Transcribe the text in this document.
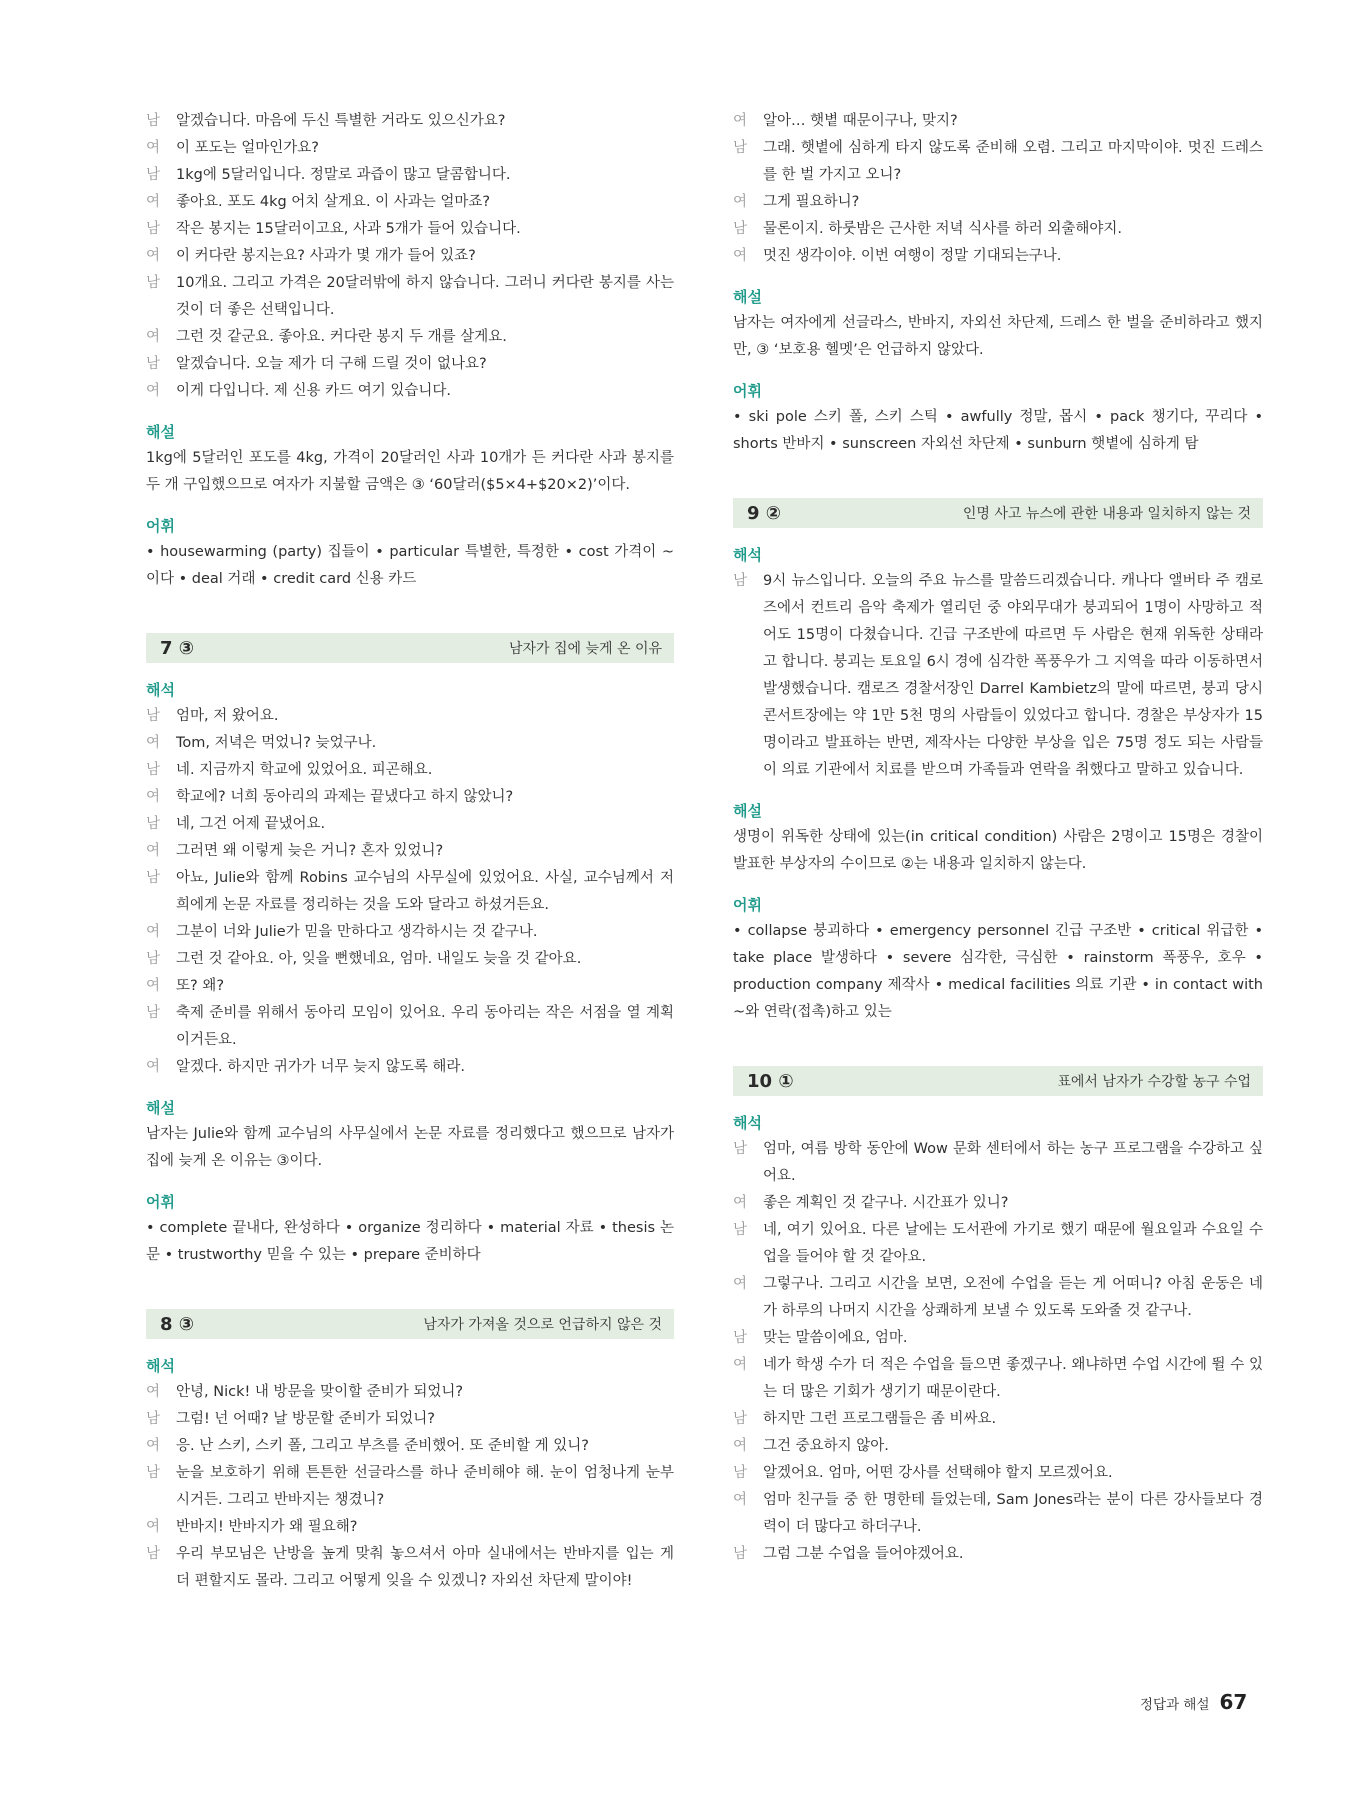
남	알겠습니다. 마음에 두신 특별한 거라도 있으신가요?
여	이 포도는 얼마인가요?
남	1kg에 5달러입니다. 정말로 과즙이 많고 달콤합니다.
여	좋아요. 포도 4kg 어치 살게요. 이 사과는 얼마죠?
남	작은 봉지는 15달러이고요, 사과 5개가 들어 있습니다.
여	이 커다란 봉지는요? 사과가 몇 개가 들어 있죠?
남	10개요. 그리고 가격은 20달러밖에 하지 않습니다. 그러니 커다란 봉지를 사는 것이 더 좋은 선택입니다.
여	그런 것 같군요. 좋아요. 커다란 봉지 두 개를 살게요.
남	알겠습니다. 오늘 제가 더 구해 드릴 것이 없나요?
여	이게 다입니다. 제 신용 카드 여기 있습니다.
해설
1kg에 5달러인 포도를 4kg, 가격이 20달러인 사과 10개가 든 커다란 사과 봉지를 두 개 구입했으므로 여자가 지불할 금액은 ③ ‘60달러($5×4+$20×2)’이다.
어휘
• housewarming (party) 집들이 • particular 특별한, 특정한 • cost 가격이 ~이다 • deal 거래 • credit card 신용 카드
7 ③	남자가 집에 늦게 온 이유
해석
남	엄마, 저 왔어요.
여	Tom, 저녁은 먹었니? 늦었구나.
남	네. 지금까지 학교에 있었어요. 피곤해요.
여	학교에? 너희 동아리의 과제는 끝냈다고 하지 않았니?
남	네, 그건 어제 끝냈어요.
여	그러면 왜 이렇게 늦은 거니? 혼자 있었니?
남	아뇨, Julie와 함께 Robins 교수님의 사무실에 있었어요. 사실, 교수님께서 저희에게 논문 자료를 정리하는 것을 도와 달라고 하셨거든요.
여	그분이 너와 Julie가 믿을 만하다고 생각하시는 것 같구나.
남	그런 것 같아요. 아, 잊을 뻔했네요, 엄마. 내일도 늦을 것 같아요.
여	또? 왜?
남	축제 준비를 위해서 동아리 모임이 있어요. 우리 동아리는 작은 서점을 열 계획이거든요.
여	알겠다. 하지만 귀가가 너무 늦지 않도록 해라.
해설
남자는 Julie와 함께 교수님의 사무실에서 논문 자료를 정리했다고 했으므로 남자가 집에 늦게 온 이유는 ③이다.
어휘
• complete 끝내다, 완성하다 • organize 정리하다 • material 자료 • thesis 논문 • trustworthy 믿을 수 있는 • prepare 준비하다
8 ③	남자가 가져올 것으로 언급하지 않은 것
해석
여	안녕, Nick! 내 방문을 맞이할 준비가 되었니?
남	그럼! 넌 어때? 날 방문할 준비가 되었니?
여	응. 난 스키, 스키 폴, 그리고 부츠를 준비했어. 또 준비할 게 있니?
남	눈을 보호하기 위해 튼튼한 선글라스를 하나 준비해야 해. 눈이 엄청나게 눈부시거든. 그리고 반바지는 챙겼니?
여	반바지! 반바지가 왜 필요해?
남	우리 부모님은 난방을 높게 맞춰 놓으셔서 아마 실내에서는 반바지를 입는 게 더 편할지도 몰라. 그리고 어떻게 잊을 수 있겠니? 자외선 차단제 말이야!
여	알아… 햇볕 때문이구나, 맞지?
남	그래. 햇볕에 심하게 타지 않도록 준비해 오렴. 그리고 마지막이야. 멋진 드레스를 한 벌 가지고 오니?
여	그게 필요하니?
남	물론이지. 하룻밤은 근사한 저녁 식사를 하러 외출해야지.
여	멋진 생각이야. 이번 여행이 정말 기대되는구나.
해설
남자는 여자에게 선글라스, 반바지, 자외선 차단제, 드레스 한 벌을 준비하라고 했지만, ③ ‘보호용 헬멧’은 언급하지 않았다.
어휘
• ski pole 스키 폴, 스키 스틱 • awfully 정말, 몹시 • pack 챙기다, 꾸리다 • shorts 반바지 • sunscreen 자외선 차단제 • sunburn 햇볕에 심하게 탐
9 ②	인명 사고 뉴스에 관한 내용과 일치하지 않는 것
해석
남	9시 뉴스입니다. 오늘의 주요 뉴스를 말씀드리겠습니다. 캐나다 앨버타 주 캠로즈에서 컨트리 음악 축제가 열리던 중 야외무대가 붕괴되어 1명이 사망하고 적어도 15명이 다쳤습니다. 긴급 구조반에 따르면 두 사람은 현재 위독한 상태라고 합니다. 붕괴는 토요일 6시 경에 심각한 폭풍우가 그 지역을 따라 이동하면서 발생했습니다. 캠로즈 경찰서장인 Darrel Kambietz의 말에 따르면, 붕괴 당시 콘서트장에는 약 1만 5천 명의 사람들이 있었다고 합니다. 경찰은 부상자가 15명이라고 발표하는 반면, 제작사는 다양한 부상을 입은 75명 정도 되는 사람들이 의료 기관에서 치료를 받으며 가족들과 연락을 취했다고 말하고 있습니다.
해설
생명이 위독한 상태에 있는(in critical condition) 사람은 2명이고 15명은 경찰이 발표한 부상자의 수이므로 ②는 내용과 일치하지 않는다.
어휘
• collapse 붕괴하다 • emergency personnel 긴급 구조반 • critical 위급한 • take place 발생하다 • severe 심각한, 극심한 • rainstorm 폭풍우, 호우 • production company 제작사 • medical facilities 의료 기관 • in contact with ~와 연락(접촉)하고 있는
10 ①	표에서 남자가 수강할 농구 수업
해석
남	엄마, 여름 방학 동안에 Wow 문화 센터에서 하는 농구 프로그램을 수강하고 싶어요.
여	좋은 계획인 것 같구나. 시간표가 있니?
남	네, 여기 있어요. 다른 날에는 도서관에 가기로 했기 때문에 월요일과 수요일 수업을 들어야 할 것 같아요.
여	그렇구나. 그리고 시간을 보면, 오전에 수업을 듣는 게 어떠니? 아침 운동은 네가 하루의 나머지 시간을 상쾌하게 보낼 수 있도록 도와줄 것 같구나.
남	맞는 말씀이에요, 엄마.
여	네가 학생 수가 더 적은 수업을 들으면 좋겠구나. 왜냐하면 수업 시간에 뛸 수 있는 더 많은 기회가 생기기 때문이란다.
남	하지만 그런 프로그램들은 좀 비싸요.
여	그건 중요하지 않아.
남	알겠어요. 엄마, 어떤 강사를 선택해야 할지 모르겠어요.
여	엄마 친구들 중 한 명한테 들었는데, Sam Jones라는 분이 다른 강사들보다 경력이 더 많다고 하더구나.
남	그럼 그분 수업을 들어야겠어요.
정답과 해설 67
